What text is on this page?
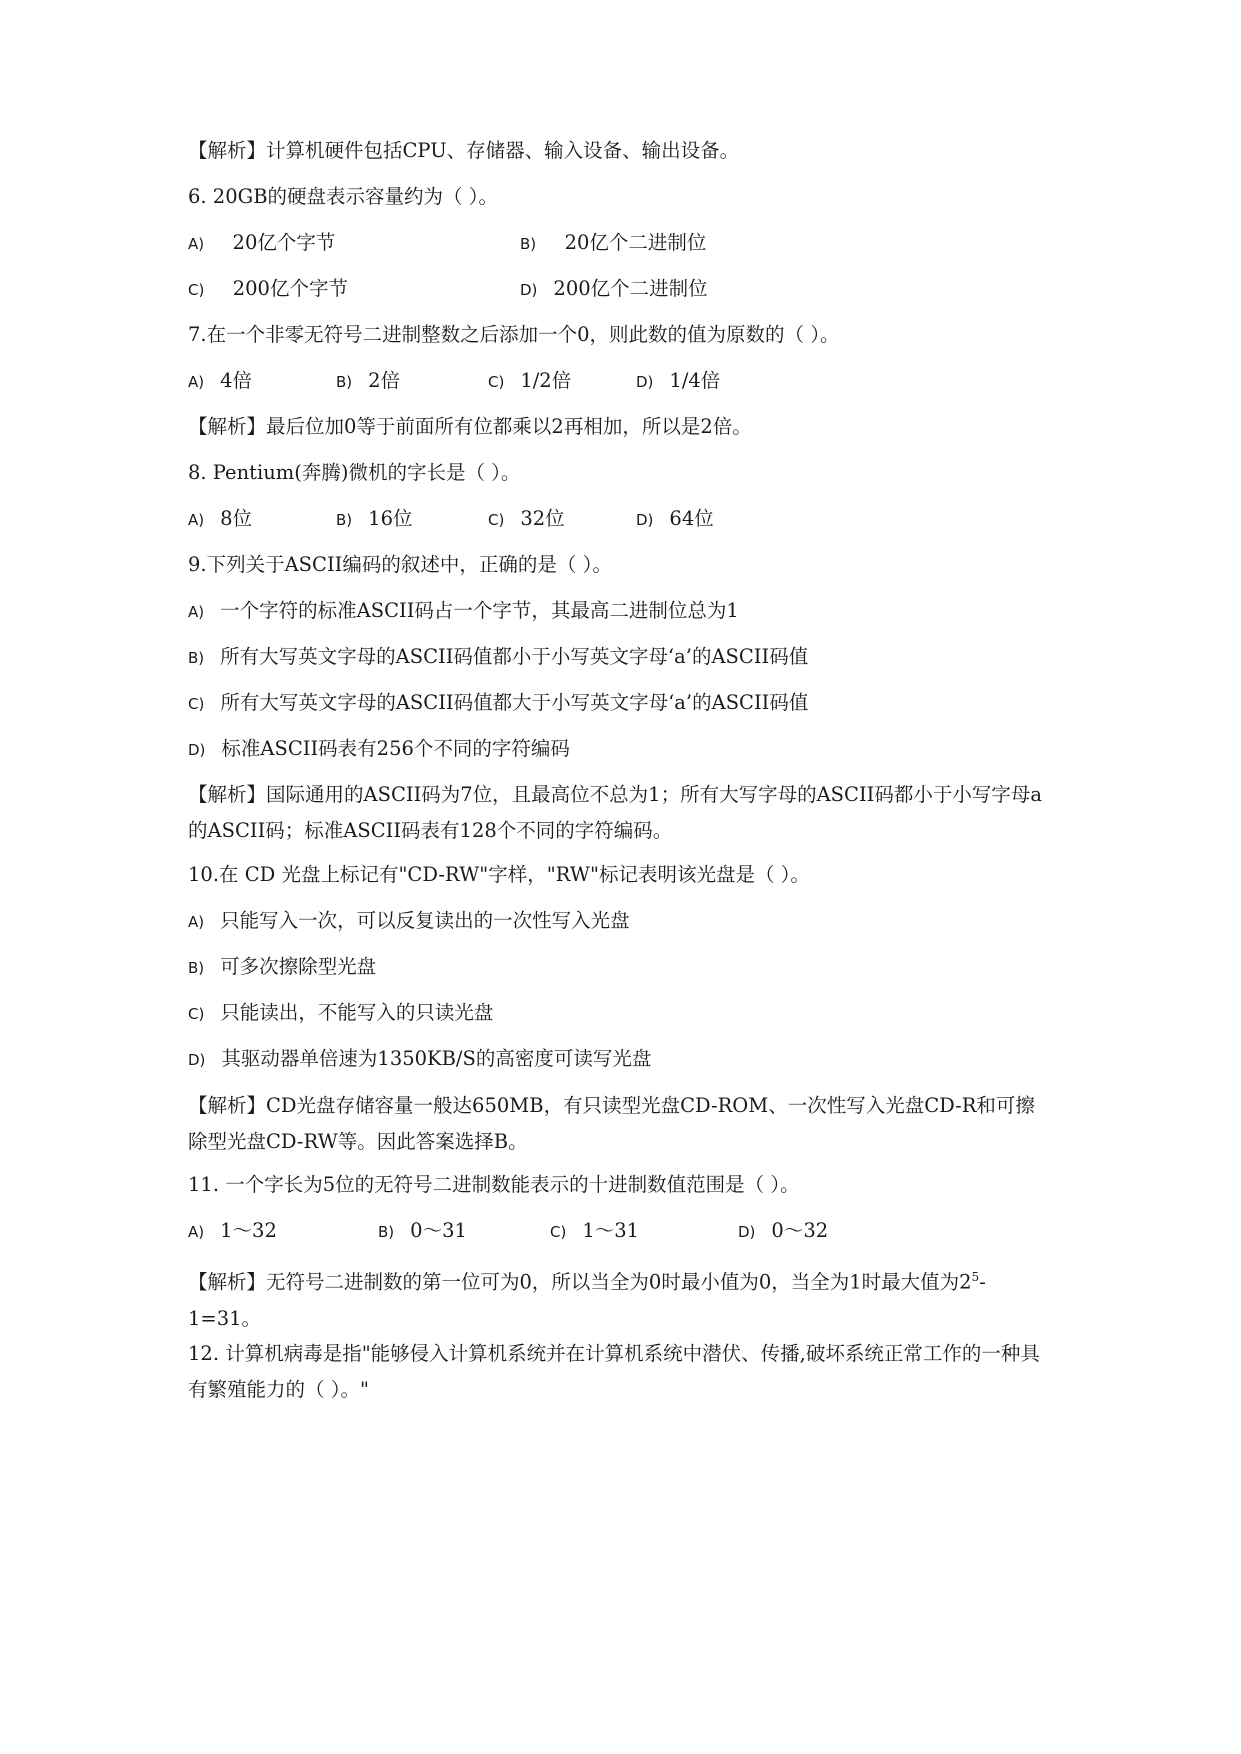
【解析】计算机硬件包括CPU、存储器、输入设备、输出设备。
6. 20GB的硬盘表示容量约为（ ）。
A) 20亿个字节	B) 20亿个二进制位
C) 200亿个字节	D) 200亿个二进制位
7.在一个非零无符号二进制整数之后添加一个0，则此数的值为原数的（ ）。
A) 4倍	B) 2倍	C) 1/2倍	D) 1/4倍
【解析】最后位加0等于前面所有位都乘以2再相加，所以是2倍。
8. Pentium(奔腾)微机的字长是（ ）。
A) 8位	B) 16位	C) 32位	D) 64位
9.下列关于ASCII编码的叙述中，正确的是（ ）。
A) 一个字符的标准ASCII码占一个字节，其最高二进制位总为1
B) 所有大写英文字母的ASCII码值都小于小写英文字母‘a’的ASCII码值
C) 所有大写英文字母的ASCII码值都大于小写英文字母‘a’的ASCII码值
D) 标准ASCII码表有256个不同的字符编码
【解析】国际通用的ASCII码为7位，且最高位不总为1；所有大写字母的ASCII码都小于小写字母a的ASCII码；标准ASCII码表有128个不同的字符编码。
10.在 CD 光盘上标记有"CD-RW"字样，"RW"标记表明该光盘是（ ）。
A) 只能写入一次，可以反复读出的一次性写入光盘
B) 可多次擦除型光盘
C) 只能读出，不能写入的只读光盘
D) 其驱动器单倍速为1350KB/S的高密度可读写光盘
【解析】CD光盘存储容量一般达650MB，有只读型光盘CD-ROM、一次性写入光盘CD-R和可擦除型光盘CD-RW等。因此答案选择B。
11. 一个字长为5位的无符号二进制数能表示的十进制数值范围是（ ）。
A) 1～32	B) 0～31	C) 1～31	D) 0～32
【解析】无符号二进制数的第一位可为0，所以当全为0时最小值为0，当全为1时最大值为$2^5-1=31$。
12. 计算机病毒是指"能够侵入计算机系统并在计算机系统中潜伏、传播,破坏系统正常工作的一种具有繁殖能力的（ ）。"
